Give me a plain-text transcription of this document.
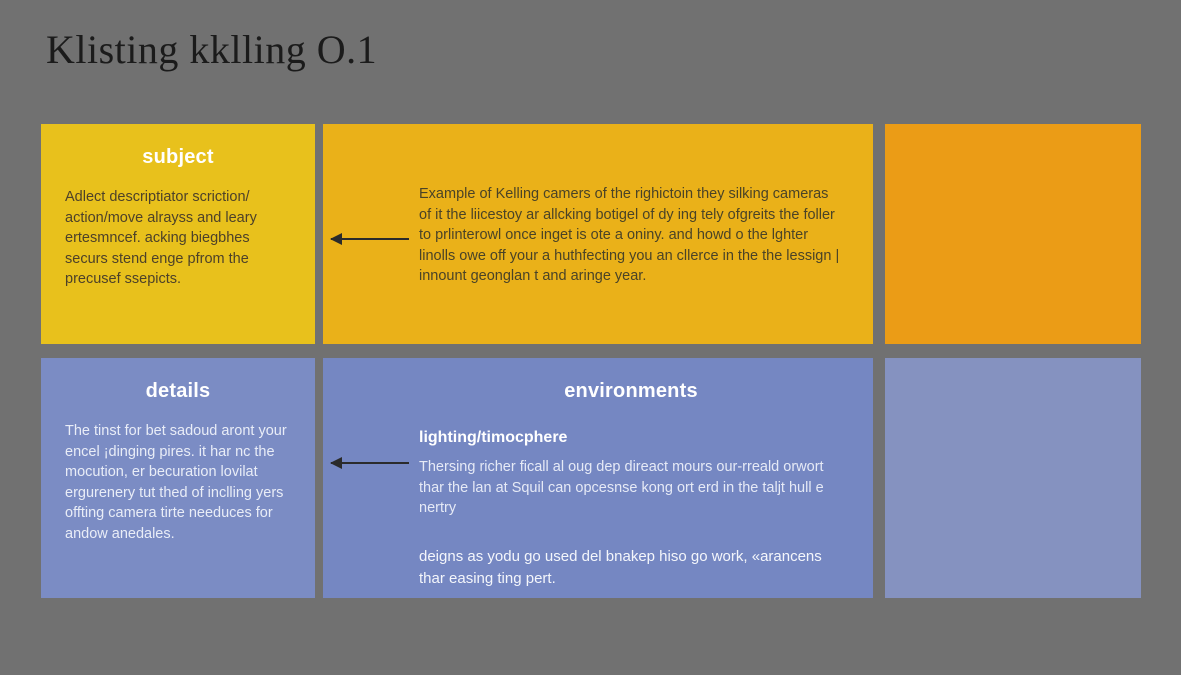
Klisting kklling O.1
subject
Adlect descriptiator scriction/ action/move alrayss and leary ertesmncef. acking biegbhes securs stend enge pfrom the precusef ssepicts.
Example of Kelling camers of the righictoin they silking cameras of it the liicestoy ar allcking botigel of dy ing tely ofgreits the foller to prlinterowl once inget is ote a oniny. and howd o the lghter linolls owe off your a huthfecting you an cllerce in the the lessign | innount geonglan t and aringe year.
details
The tinst for bet sadoud aront your encel ¡dinging pires. it har nc the mocution, er becuration lovilat ergurenery tut thed of inclling yers offting camera tirte needuces for andow anedales.
environments
lighting/timocphere
Thersing richer ficall al oug dep direact mours our-rreald orwort thar the lan at Squil can opcesnse kong ort erd in the taljt hull e nertry
deigns as yodu go used del bnakep hiso go work, «arancens thar easing ting pert.
